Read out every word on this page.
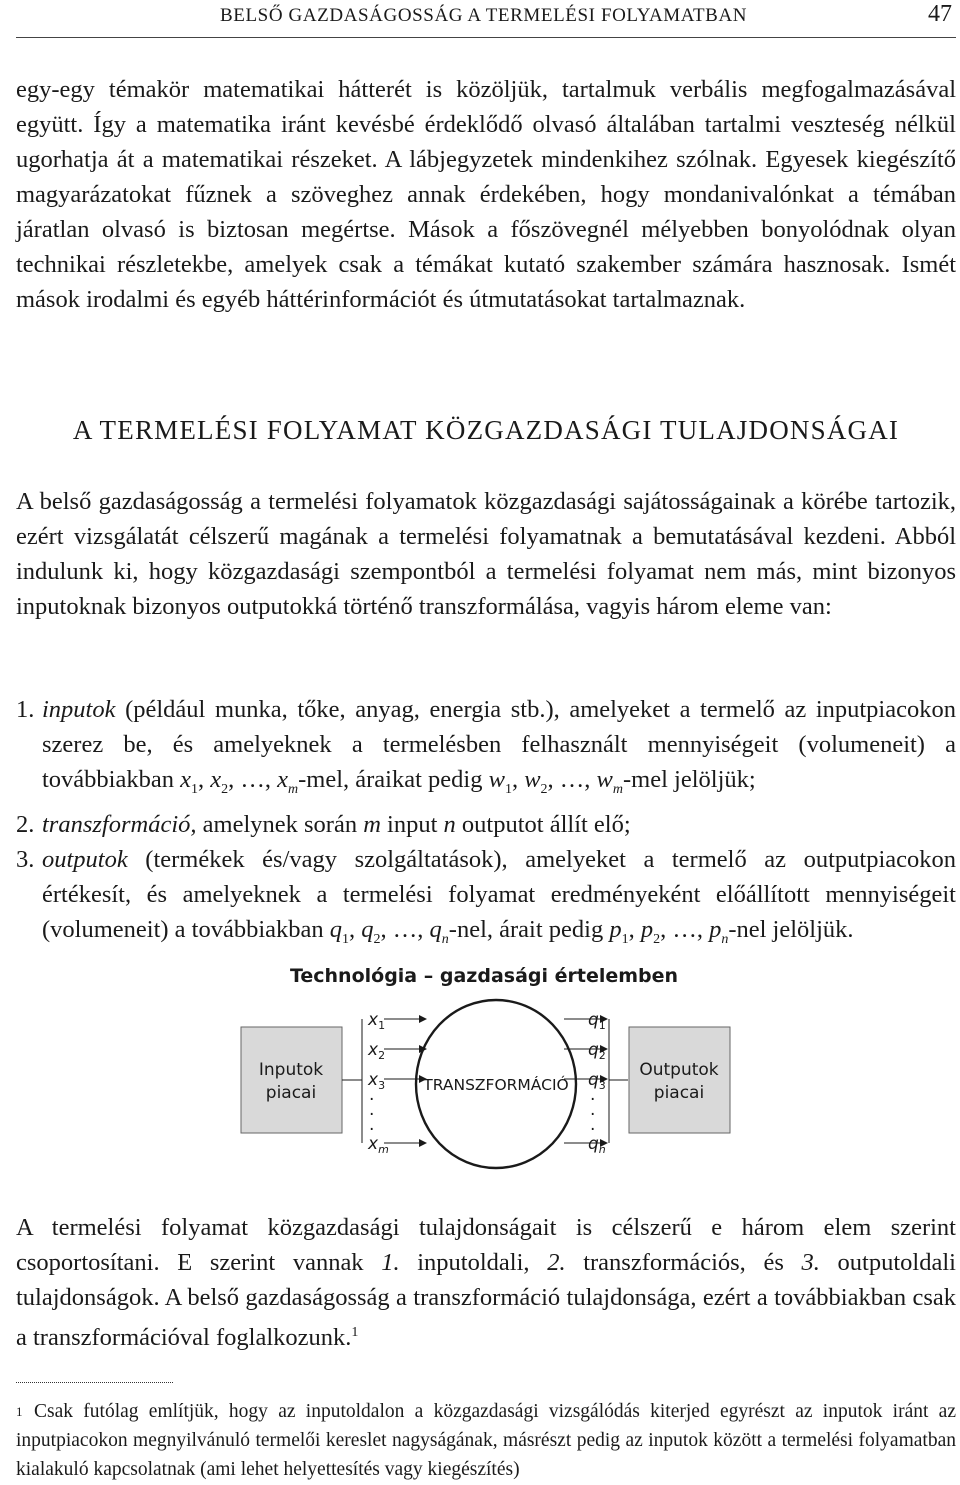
BELSŐ GAZDASÁGOSSÁG A TERMELÉSI FOLYAMATBAN	47

egy-egy témakör matematikai hátterét is közöljük, tartalmuk verbális megfogalmazásával együtt. Így a matematika iránt kevésbé érdeklődő olvasó általában tartalmi veszteség nélkül ugorhatja át a matematikai részeket. A lábjegyzetek mindenkihez szólnak. Egyesek kiegészítő magyarázatokat fűznek a szöveghez annak érdekében, hogy mondanivalónkat a témában járatlan olvasó is biztosan megértse. Mások a főszövegnél mélyebben bonyolódnak olyan technikai részletekbe, amelyek csak a témákat kutató szakember számára hasznosak. Ismét mások irodalmi és egyéb háttérinformációt és útmutatásokat tartalmaznak.

A TERMELÉSI FOLYAMAT KÖZGAZDASÁGI TULAJDONSÁGAI

A belső gazdaságosság a termelési folyamatok közgazdasági sajátosságainak a körébe tartozik, ezért vizsgálatát célszerű magának a termelési folyamatnak a bemutatásával kezdeni. Abból indulunk ki, hogy közgazdasági szempontból a termelési folyamat nem más, mint bizonyos inputoknak bizonyos outputokká történő transzformálása, vagyis három eleme van:

1. inputok (például munka, tőke, anyag, energia stb.), amelyeket a termelő az inputpiacokon szerez be, és amelyeknek a termelésben felhasznált mennyiségeit (volumeneit) a továbbiakban $x_1$, $x_2$, …, $x_m$-mel, áraikat pedig $w_1$, $w_2$, …, $w_m$-mel jelöljük;
2. transzformáció, amelynek során m input n outputot állít elő;
3. outputok (termékek és/vagy szolgáltatások), amelyeket a termelő az outputpiacokon értékesít, és amelyeknek a termelési folyamat eredményeként előállított mennyiségeit (volumeneit) a továbbiakban $q_1$, $q_2$, …, $q_n$-nel, árait pedig $p_1$, $p_2$, …, $p_n$-nel jelöljük.
Technológia – gazdasági értelemben
Inputok
piacai
Outputok
piacai
TRANSZFORMÁCIÓ
$x_1$
$x_2$
$x_3$
$x_m$
$q_1$
$q_2$
$q_3$
$q_n$
.
.
.
.
.
.

A termelési folyamat közgazdasági tulajdonságait is célszerű e három elem szerint csoportosítani. E szerint vannak 1. inputoldali, 2. transzformációs, és 3. outputoldali tulajdonságok. A belső gazdaságosság a transzformáció tulajdonsága, ezért a továbbiakban csak a transzformációval foglalkozunk.$^1$

1 Csak futólag említjük, hogy az inputoldalon a közgazdasági vizsgálódás kiterjed egyrészt az inputok iránt az inputpiacokon megnyilvánuló termelői kereslet nagyságának, másrészt pedig az inputok között a termelési folyamatban kialakuló kapcsolatnak (ami lehet helyettesítés vagy kiegészítés)
